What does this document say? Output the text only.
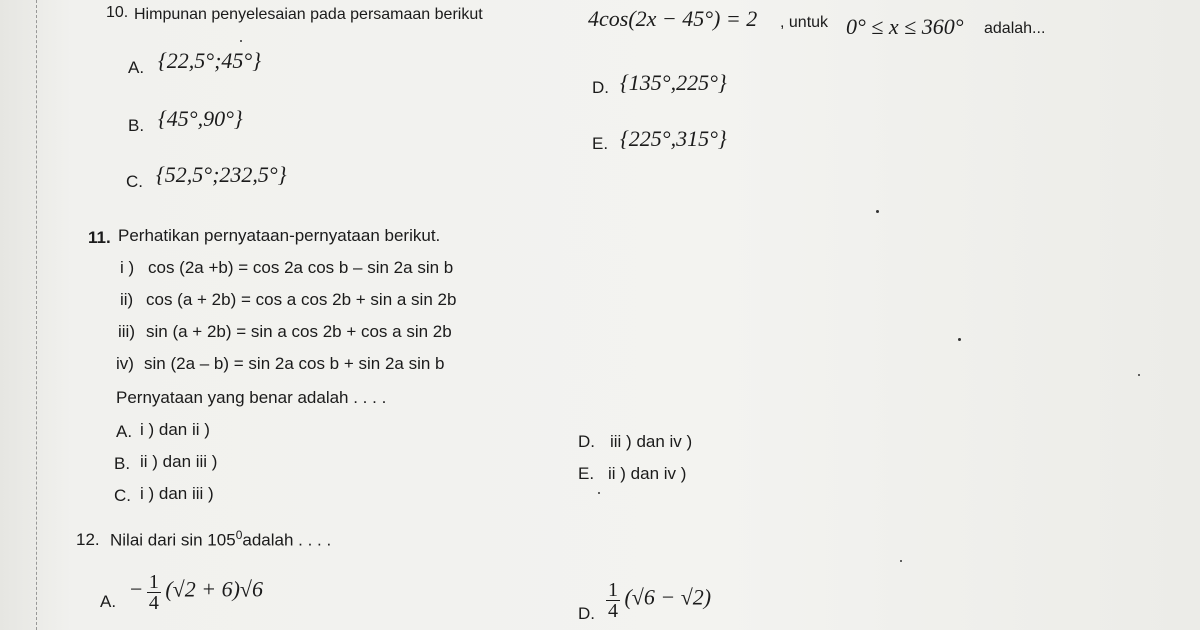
10. Himpunan penyelesaian pada persamaan berikut	4cos(2x − 45°) = 2 , untuk 0° ≤ x ≤ 360° adalah...
A. {22,5°;45°}
B. {45°,90°}
C. {52,5°;232,5°}
D. {135°,225°}
E. {225°,315°}
11. Perhatikan pernyataan-pernyataan berikut.
i ) cos (2a +b) = cos 2a cos b – sin 2a sin b
ii) cos (a + 2b) = cos a cos 2b + sin a sin 2b
iii) sin (a + 2b) = sin a cos 2b + cos a sin 2b
iv) sin (2a – b) = sin 2a cos b + sin 2a sin b
Pernyataan yang benar adalah . . . .
A. i ) dan ii )
B. ii ) dan iii )
C. i ) dan iii )
D. iii ) dan iv )
E. ii ) dan iv )
12. Nilai dari $\sin 105^0adalah$ . . . .
A. − $\frac{1}{4} (√2 + 6)√6$
D. $\frac{1}{4} (√6 - √2)$
